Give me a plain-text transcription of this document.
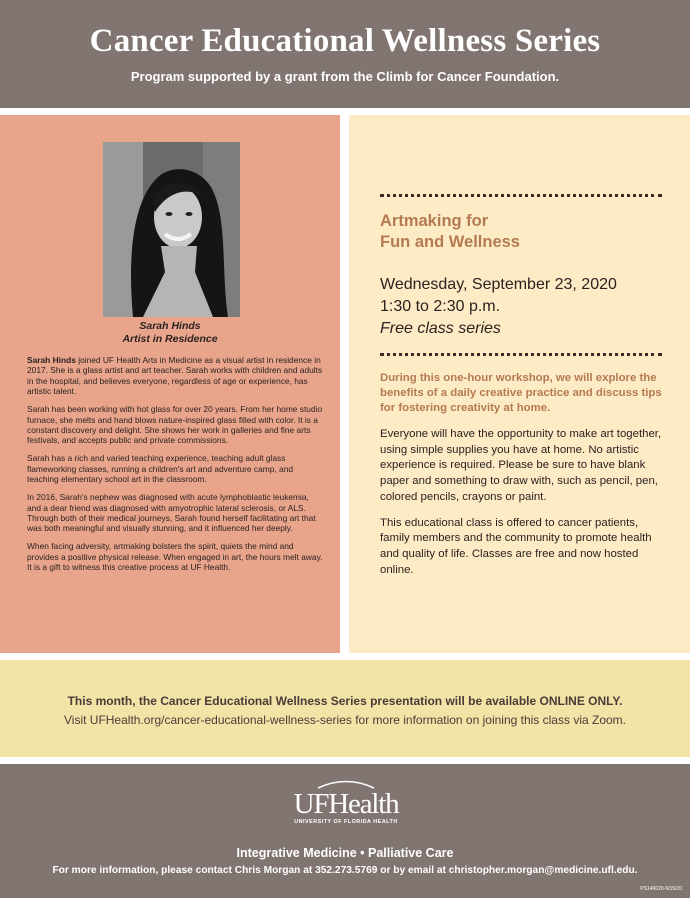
Cancer Educational Wellness Series
Program supported by a grant from the Climb for Cancer Foundation.
Sarah Hinds
Artist in Residence

Sarah Hinds joined UF Health Arts in Medicine as a visual artist in residence in 2017. She is a glass artist and art teacher. Sarah works with children and adults in the hospital, and believes everyone, regardless of age or experience, has artistic talent.

Sarah has been working with hot glass for over 20 years. From her home studio furnace, she melts and hand blows nature-inspired glass filled with color. It is a constant discovery and delight. She shows her work in galleries and fine arts festivals, and accepts public and private commissions.

Sarah has a rich and varied teaching experience, teaching adult glass flameworking classes, running a children's art and adventure camp, and teaching elementary school art in the classroom.

In 2016, Sarah's nephew was diagnosed with acute lymphoblastic leukemia, and a dear friend was diagnosed with amyotrophic lateral sclerosis, or ALS. Through both of their medical journeys, Sarah found herself facilitating art that was both meaningful and visually stunning, and it influenced her deeply.

When facing adversity, artmaking bolsters the spirit, quiets the mind and provides a positive physical release. When engaged in art, the hours melt away. It is a gift to witness this creative process at UF Health.

Artmaking for
Fun and Wellness
Wednesday, September 23, 2020
1:30 to 2:30 p.m.
Free class series
During this one-hour workshop, we will explore the benefits of a daily creative practice and discuss tips for fostering creativity at home.

Everyone will have the opportunity to make art together, using simple supplies you have at home. No artistic experience is required. Please be sure to have blank paper and something to draw with, such as pencil, pen, colored pencils, crayons or paint.

This educational class is offered to cancer patients, family members and the community to promote health and quality of life. Classes are free and now hosted online.

This month, the Cancer Educational Wellness Series presentation will be available ONLINE ONLY.
Visit UFHealth.org/cancer-educational-wellness-series for more information on joining this class via Zoom.
UFHealth
UNIVERSITY OF FLORIDA HEALTH
Integrative Medicine • Palliative Care
For more information, please contact Chris Morgan at 352.273.5769 or by email at christopher.morgan@medicine.ufl.edu.
PS146020-9/15/20
